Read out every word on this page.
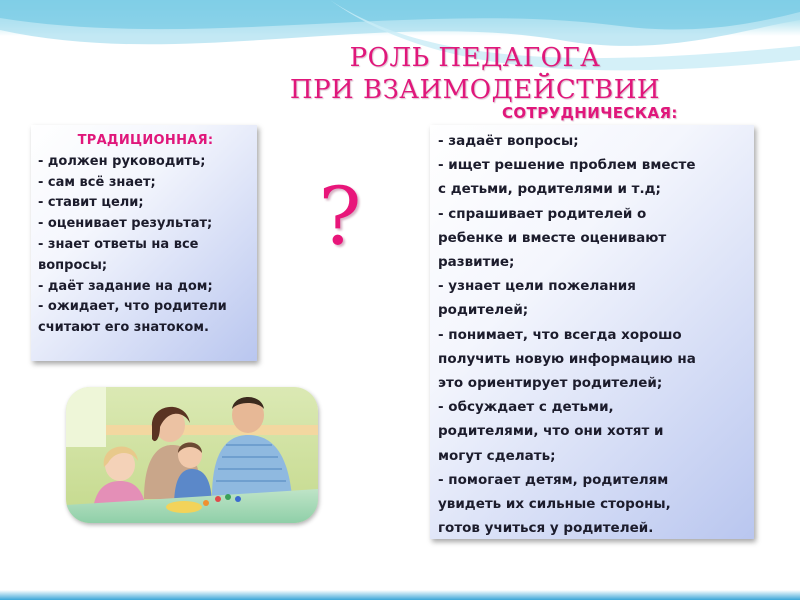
РОЛЬ ПЕДАГОГА
ПРИ ВЗАИМОДЕЙСТВИИ
ТРАДИЦИОННАЯ:
- должен руководить;
- сам всё знает;
- ставит цели;
- оценивает результат;
- знает ответы на все
вопросы;
- даёт задание на дом;
- ожидает, что родители
считают его знатоком.
?
СОТРУДНИЧЕСКАЯ:
- задаёт вопросы;
- ищет решение проблем вместе
с детьми, родителями и т.д;
- спрашивает родителей о
ребенке и вместе оценивают
развитие;
- узнает цели пожелания
родителей;
- понимает, что всегда хорошо
получить новую информацию на
это ориентирует родителей;
- обсуждает с детьми,
родителями, что они хотят и
могут сделать;
- помогает детям, родителям
увидеть их сильные стороны,
готов учиться у родителей.
